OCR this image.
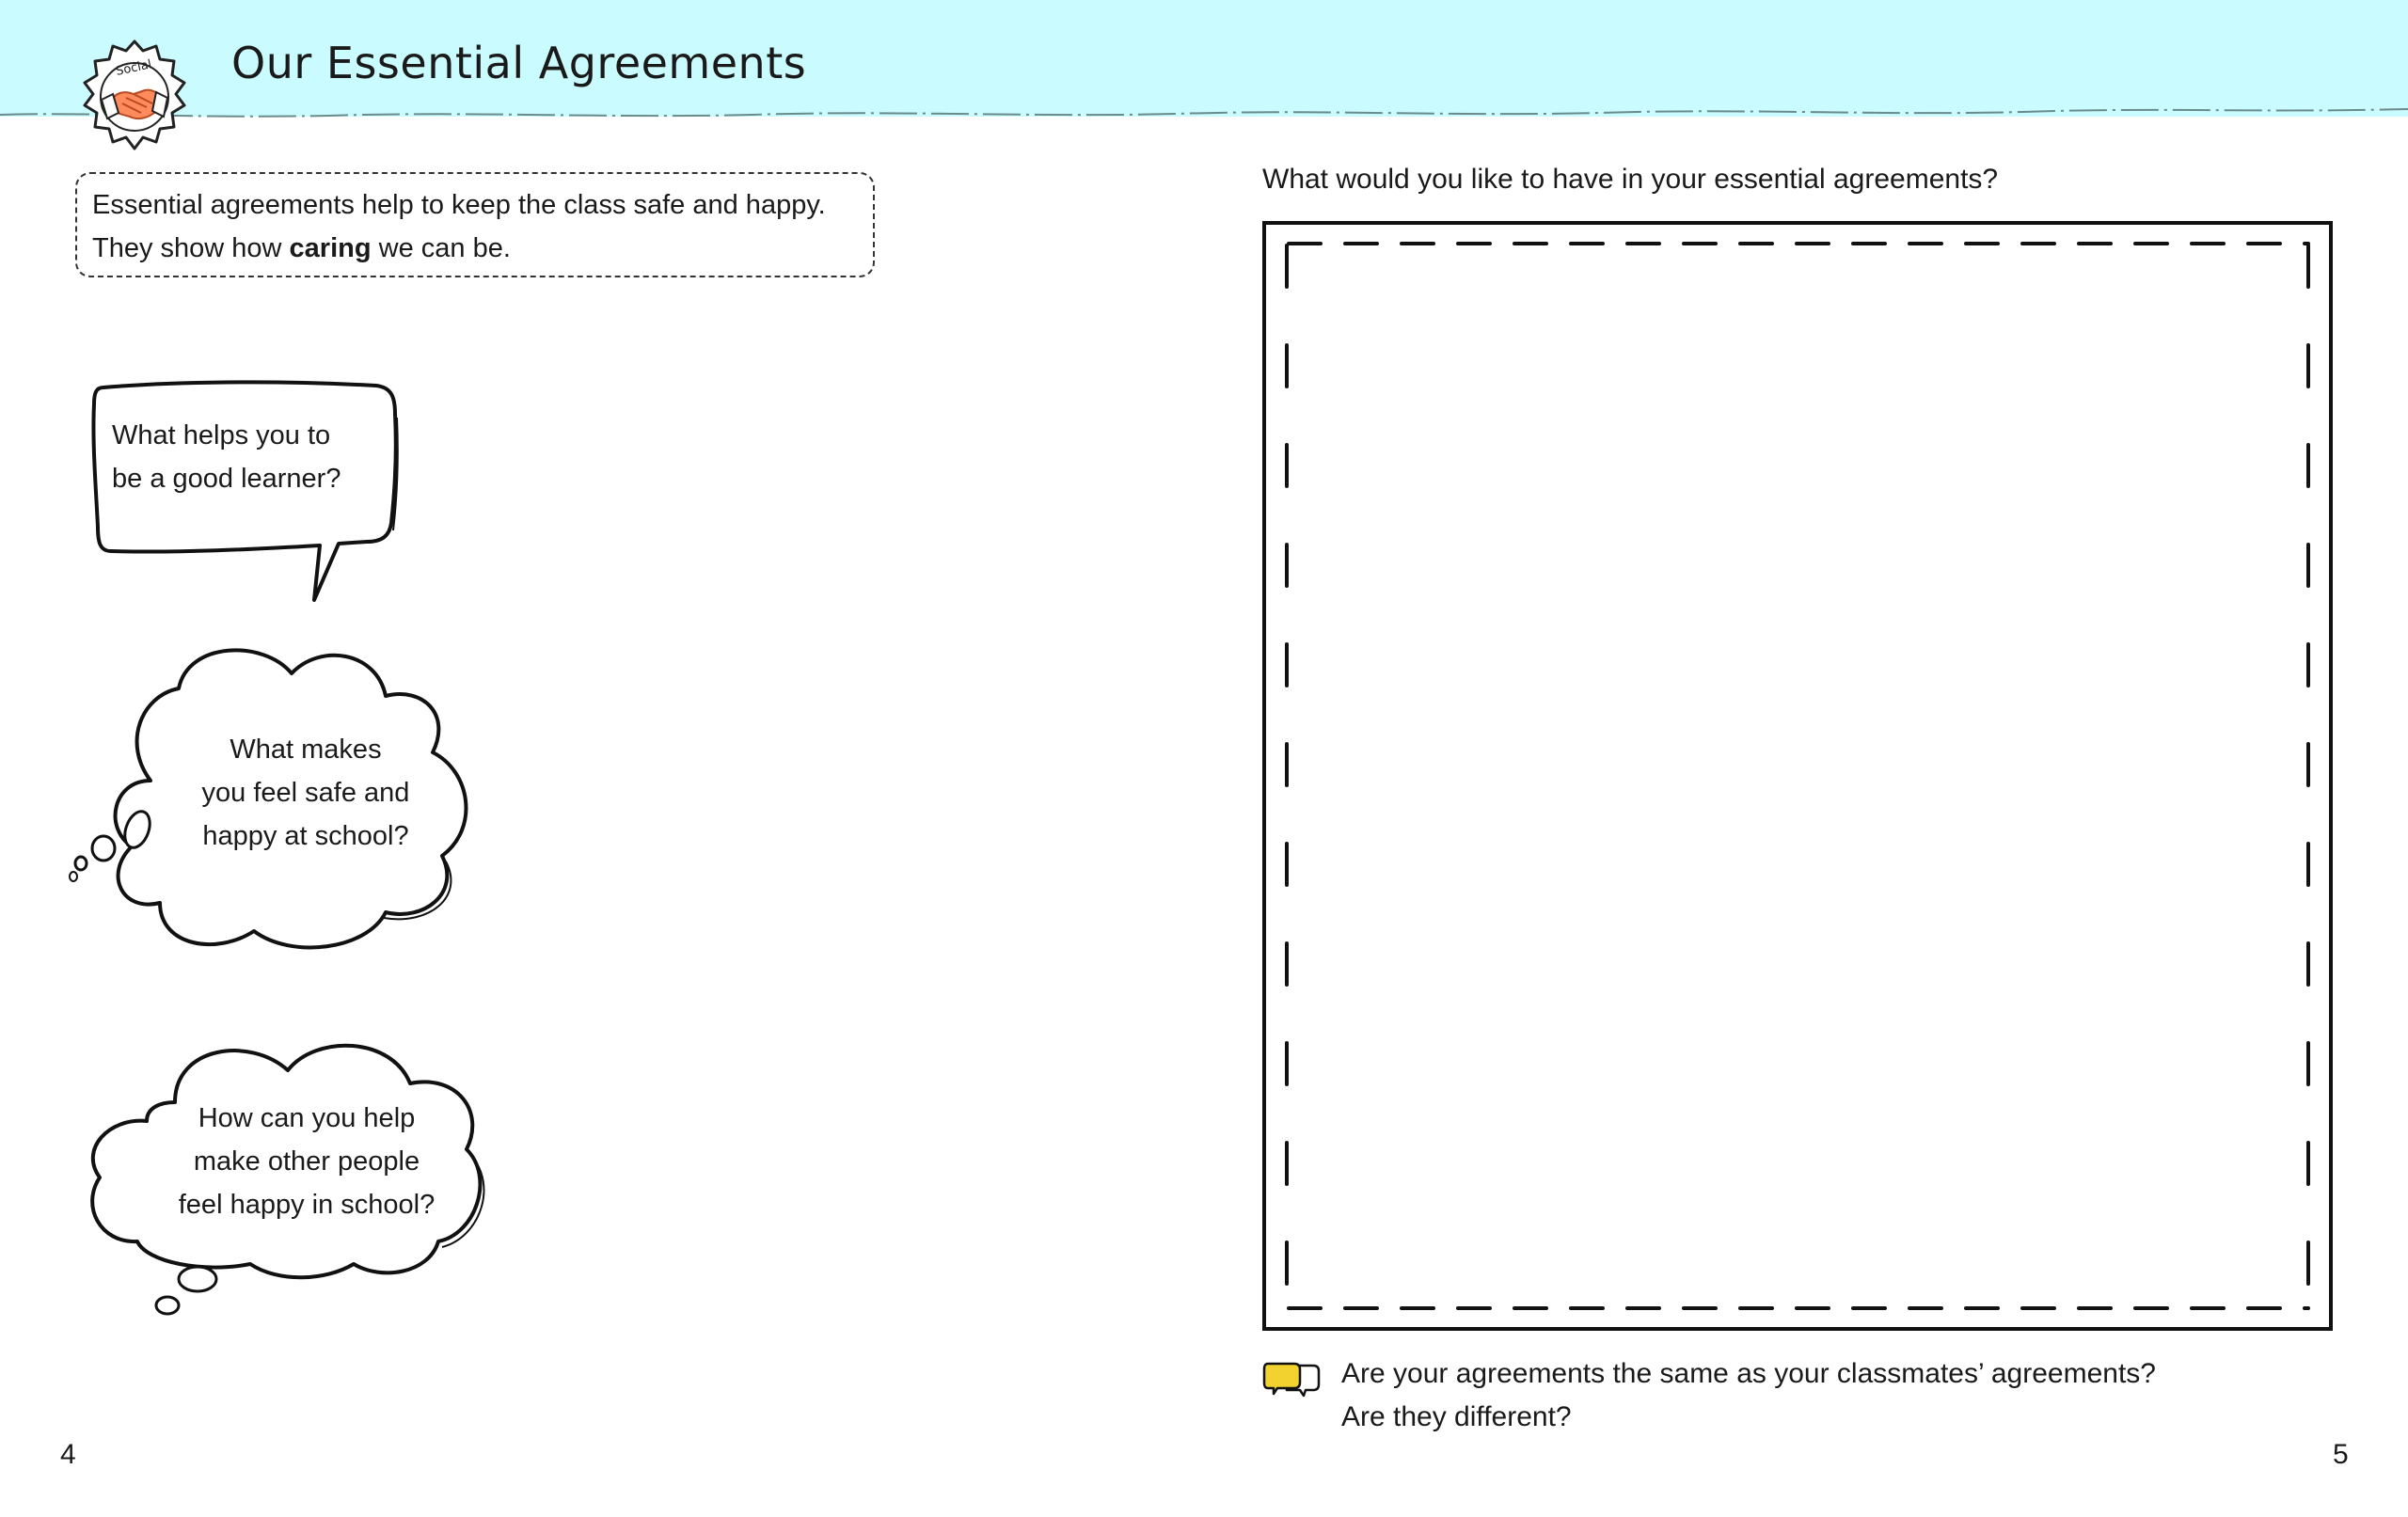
Social Our Essential Agreements
Essential agreements help to keep the class safe and happy.
They show how caring we can be.
What helps you to
be a good learner?
What makes
you feel safe and
happy at school?
How can you help
make other people
feel happy in school?
What would you like to have in your essential agreements?
Are your agreements the same as your classmates’ agreements?
Are they different?
4	5
